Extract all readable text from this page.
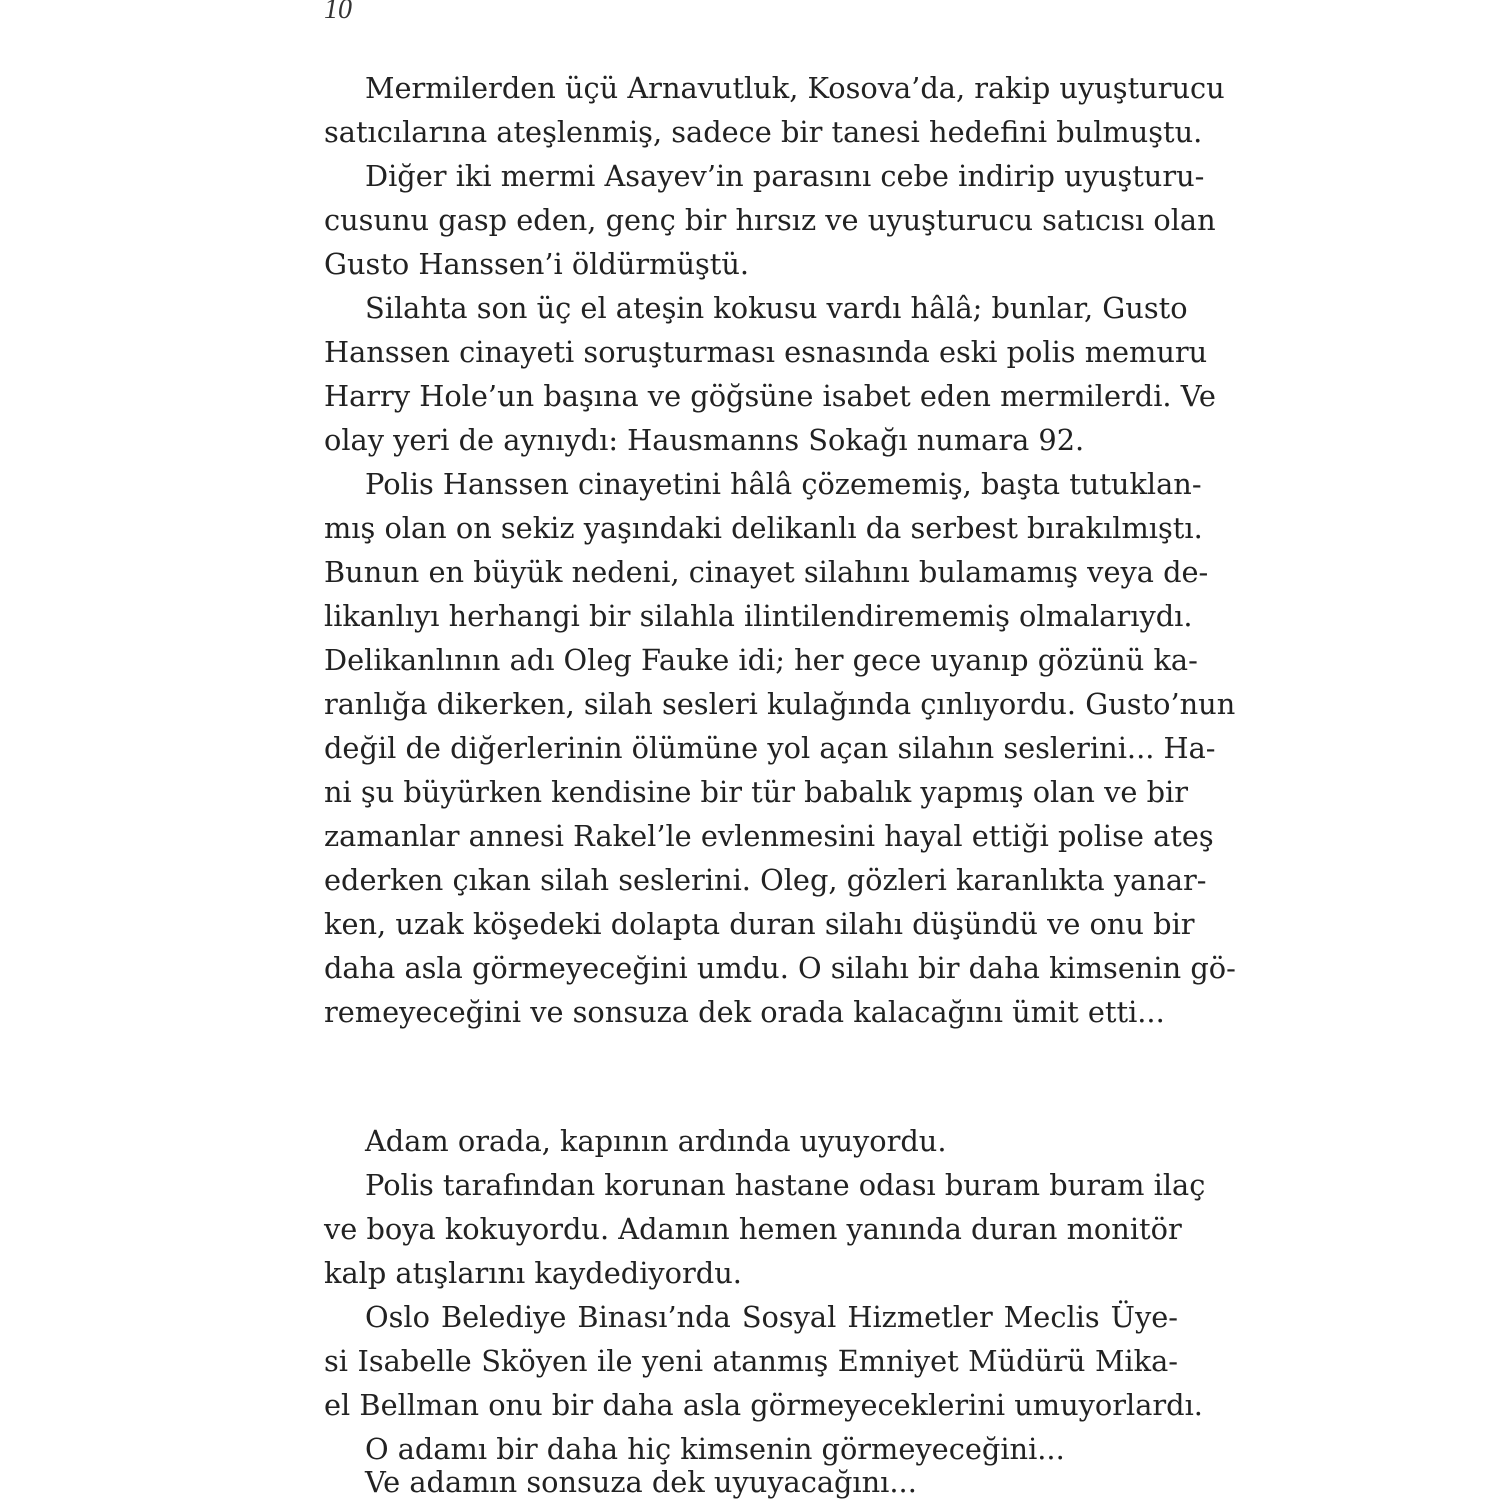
10
Mermilerden üçü Arnavutluk, Kosova’da, rakip uyuşturucu
satıcılarına ateşlenmiş, sadece bir tanesi hedefini bulmuştu.
Diğer iki mermi Asayev’in parasını cebe indirip uyuşturu-
cusunu gasp eden, genç bir hırsız ve uyuşturucu satıcısı olan
Gusto Hanssen’i öldürmüştü.
Silahta son üç el ateşin kokusu vardı hâlâ; bunlar, Gusto
Hanssen cinayeti soruşturması esnasında eski polis memuru
Harry Hole’un başına ve göğsüne isabet eden mermilerdi. Ve
olay yeri de aynıydı: Hausmanns Sokağı numara 92.
Polis Hanssen cinayetini hâlâ çözememiş, başta tutuklan-
mış olan on sekiz yaşındaki delikanlı da serbest bırakılmıştı.
Bunun en büyük nedeni, cinayet silahını bulamamış veya de-
likanlıyı herhangi bir silahla ilintilendirememiş olmalarıydı.
Delikanlının adı Oleg Fauke idi; her gece uyanıp gözünü ka-
ranlığa dikerken, silah sesleri kulağında çınlıyordu. Gusto’nun
değil de diğerlerinin ölümüne yol açan silahın seslerini... Ha-
ni şu büyürken kendisine bir tür babalık yapmış olan ve bir
zamanlar annesi Rakel’le evlenmesini hayal ettiği polise ateş
ederken çıkan silah seslerini. Oleg, gözleri karanlıkta yanar-
ken, uzak köşedeki dolapta duran silahı düşündü ve onu bir
daha asla görmeyeceğini umdu. O silahı bir daha kimsenin gö-
remeyeceğini ve sonsuza dek orada kalacağını ümit etti...
Adam orada, kapının ardında uyuyordu.
Polis tarafından korunan hastane odası buram buram ilaç
ve boya kokuyordu. Adamın hemen yanında duran monitör
kalp atışlarını kaydediyordu.
Oslo Belediye Binası’nda Sosyal Hizmetler Meclis Üye-
si Isabelle Sköyen ile yeni atanmış Emniyet Müdürü Mika-
el Bellman onu bir daha asla görmeyeceklerini umuyorlardı.
O adamı bir daha hiç kimsenin görmeyeceğini...
Ve adamın sonsuza dek uyuyacağını...
